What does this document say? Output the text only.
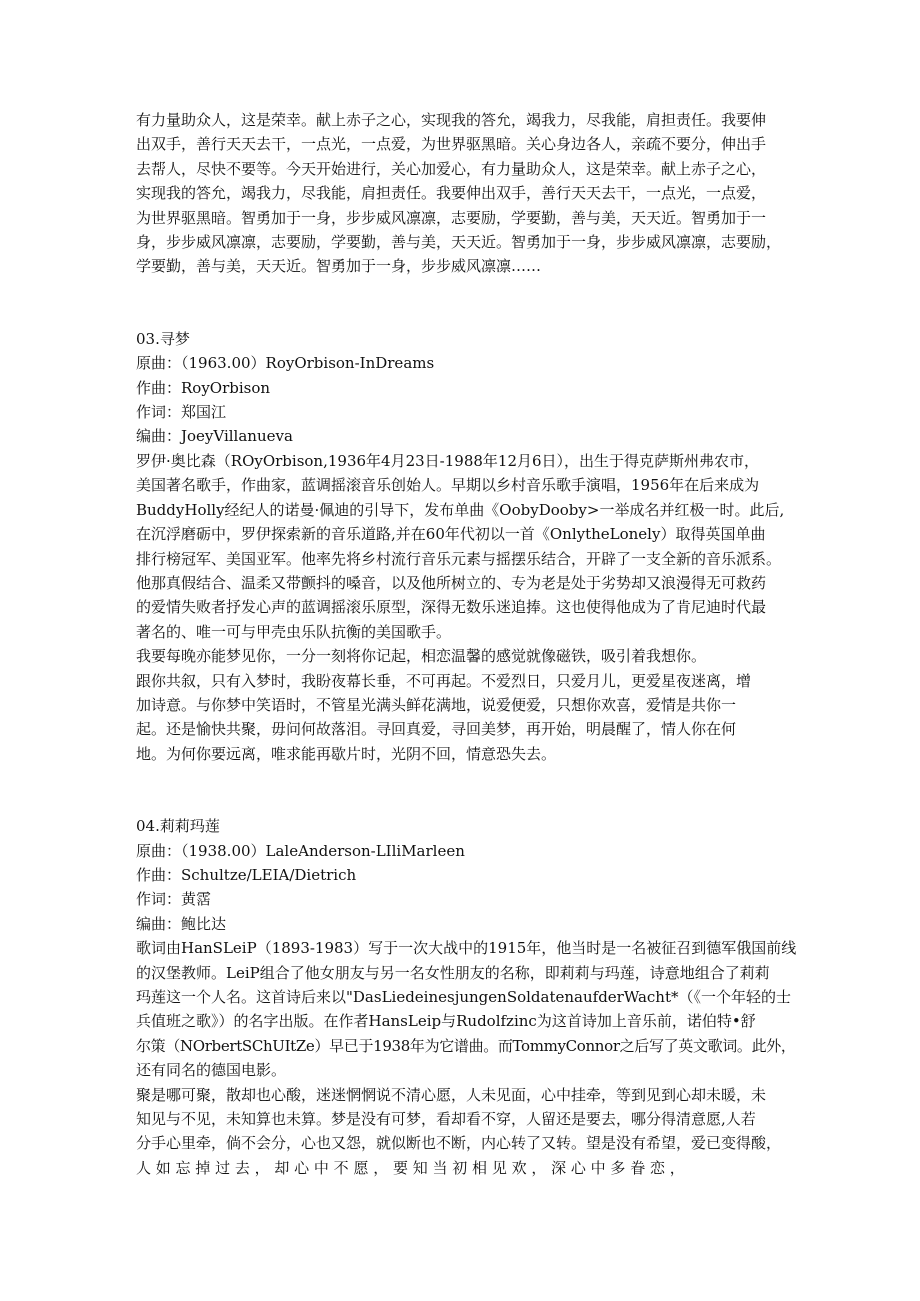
有力量助众人，这是荣幸。献上赤子之心，实现我的答允，竭我力，尽我能，肩担责任。我要伸
出双手，善行天天去干，一点光，一点爱，为世界驱黑暗。关心身边各人，亲疏不要分，伸出手
去帮人，尽快不要等。今天开始进行，关心加爱心，有力量助众人，这是荣幸。献上赤子之心，
实现我的答允，竭我力，尽我能，肩担责任。我要伸出双手，善行天天去干，一点光，一点爱，
为世界驱黑暗。智勇加于一身，步步威风凛凛，志要励，学要勤，善与美，天天近。智勇加于一
身，步步威风凛凛，志要励，学要勤，善与美，天天近。智勇加于一身，步步威风凛凛，志要励，
学要勤，善与美，天天近。智勇加于一身，步步威风凛凛……
03.寻梦
原曲：（1963.00）RoyOrbison-InDreams
作曲：RoyOrbison
作词：郑国江
编曲：JoeyVillanueva
罗伊·奥比森（ROyOrbison,1936年4月23日-1988年12月6日），出生于得克萨斯州弗农市，
美国著名歌手，作曲家，蓝调摇滚音乐创始人。早期以乡村音乐歌手演唱，1956年在后来成为
BuddyHolly经纪人的诺曼·佩迪的引导下，发布单曲《OobyDooby>一举成名并红极一时。此后,
在沉浮磨砺中，罗伊探索新的音乐道路,并在60年代初以一首《OnlytheLonely）取得英国单曲
排行榜冠军、美国亚军。他率先将乡村流行音乐元素与摇摆乐结合，开辟了一支全新的音乐派系。
他那真假结合、温柔又带颤抖的嗓音，以及他所树立的、专为老是处于劣势却又浪漫得无可救药
的爱情失败者抒发心声的蓝调摇滚乐原型，深得无数乐迷追捧。这也使得他成为了肯尼迪时代最
著名的、唯一可与甲壳虫乐队抗衡的美国歌手。
我要每晚亦能梦见你，一分一刻将你记起，相恋温馨的感觉就像磁铁，吸引着我想你。
跟你共叙，只有入梦时，我盼夜幕长垂，不可再起。不爱烈日，只爱月儿，更爱星夜迷离，增
加诗意。与你梦中笑语时，不管星光满头鲜花满地，说爱便爱，只想你欢喜，爱情是共你一
起。还是愉快共聚，毋问何故落泪。寻回真爱，寻回美梦，再开始，明晨醒了，情人你在何
地。为何你要远离，唯求能再歇片时，光阴不回，情意恐失去。
04.莉莉玛莲
原曲：（1938.00）LaleAnderson-LIliMarleen
作曲：Schultze/LEIA/Dietrich
作词：黄霑
编曲：鲍比达
歌词由HanSLeiP（1893-1983）写于一次大战中的1915年，他当时是一名被征召到德军俄国前线
的汉堡教师。LeiP组合了他女朋友与另一名女性朋友的名称，即莉莉与玛莲，诗意地组合了莉莉
玛莲这一个人名。这首诗后来以"DasLiedeinesjungenSoldatenaufderWacht*（《一个年轻的士
兵值班之歌》）的名字出版。在作者HansLeip与Rudolfzinc为这首诗加上音乐前，诺伯特•舒
尔策（NOrbertSChUItZe）早已于1938年为它谱曲。而TommyConnor之后写了英文歌词。此外，
还有同名的德国电影。
聚是哪可聚，散却也心酸，迷迷惘惘说不清心愿，人未见面，心中挂牵，等到见到心却未暖，未
知见与不见，未知算也未算。梦是没有可梦，看却看不穿，人留还是要去，哪分得清意愿,人若
分手心里牵，倘不会分，心也又怨，就似断也不断，内心转了又转。望是没有希望，爱已变得酸，
人 如 忘 掉 过 去 ， 却 心 中 不 愿 ， 要 知 当 初 相 见 欢 ， 深 心 中 多 眷 恋 ，
